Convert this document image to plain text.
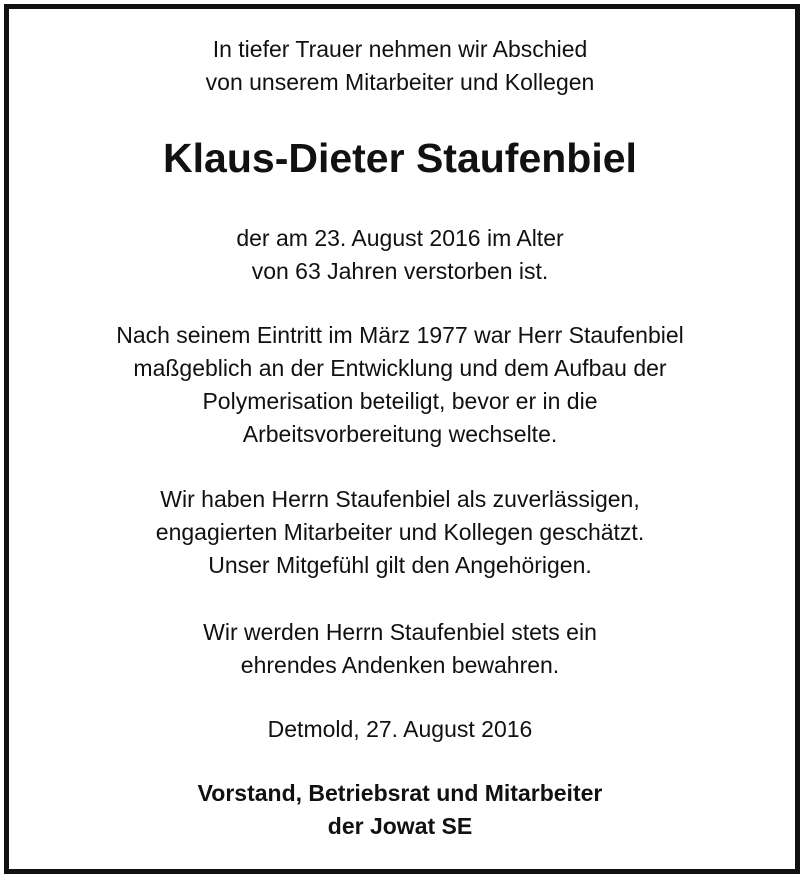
In tiefer Trauer nehmen wir Abschied
von unserem Mitarbeiter und Kollegen
Klaus-Dieter Staufenbiel
der am 23. August 2016 im Alter
von 63 Jahren verstorben ist.
Nach seinem Eintritt im März 1977 war Herr Staufenbiel
maßgeblich an der Entwicklung und dem Aufbau der
Polymerisation beteiligt, bevor er in die
Arbeitsvorbereitung wechselte.
Wir haben Herrn Staufenbiel als zuverlässigen,
engagierten Mitarbeiter und Kollegen geschätzt.
Unser Mitgefühl gilt den Angehörigen.
Wir werden Herrn Staufenbiel stets ein
ehrendes Andenken bewahren.
Detmold, 27. August 2016
Vorstand, Betriebsrat und Mitarbeiter
der Jowat SE
